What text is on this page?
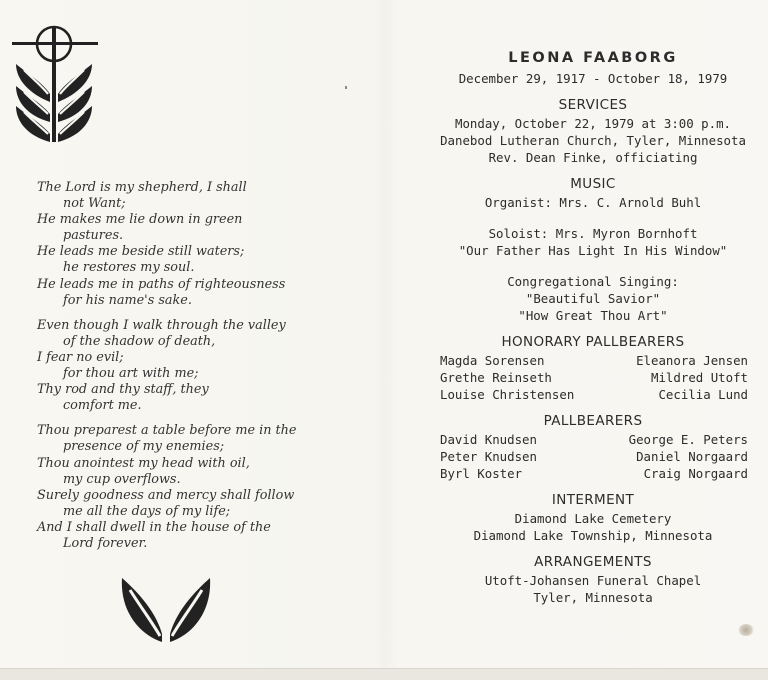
The Lord is my shepherd, I shall
not Want;
He makes me lie down in green
pastures.
He leads me beside still waters;
he restores my soul.
He leads me in paths of righteousness
for his name's sake.
Even though I walk through the valley
of the shadow of death,
I fear no evil;
for thou art with me;
Thy rod and thy staff, they
comfort me.
Thou preparest a table before me in the
presence of my enemies;
Thou anointest my head with oil,
my cup overflows.
Surely goodness and mercy shall follow
me all the days of my life;
And I shall dwell in the house of the
Lord forever.
LEONA FAABORG
December 29, 1917 - October 18, 1979
SERVICES
Monday, October 22, 1979 at 3:00 p.m.
Danebod Lutheran Church, Tyler, Minnesota
Rev. Dean Finke, officiating
MUSIC
Organist: Mrs. C. Arnold Buhl
Soloist: Mrs. Myron Bornhoft
"Our Father Has Light In His Window"
Congregational Singing:
"Beautiful Savior"
"How Great Thou Art"
HONORARY PALLBEARERS
Magda Sorensen
Grethe Reinseth
Louise Christensen
Eleanora Jensen
Mildred Utoft
Cecilia Lund
PALLBEARERS
David Knudsen
Peter Knudsen
Byrl Koster
George E. Peters
Daniel Norgaard
Craig Norgaard
INTERMENT
Diamond Lake Cemetery
Diamond Lake Township, Minnesota
ARRANGEMENTS
Utoft-Johansen Funeral Chapel
Tyler, Minnesota
